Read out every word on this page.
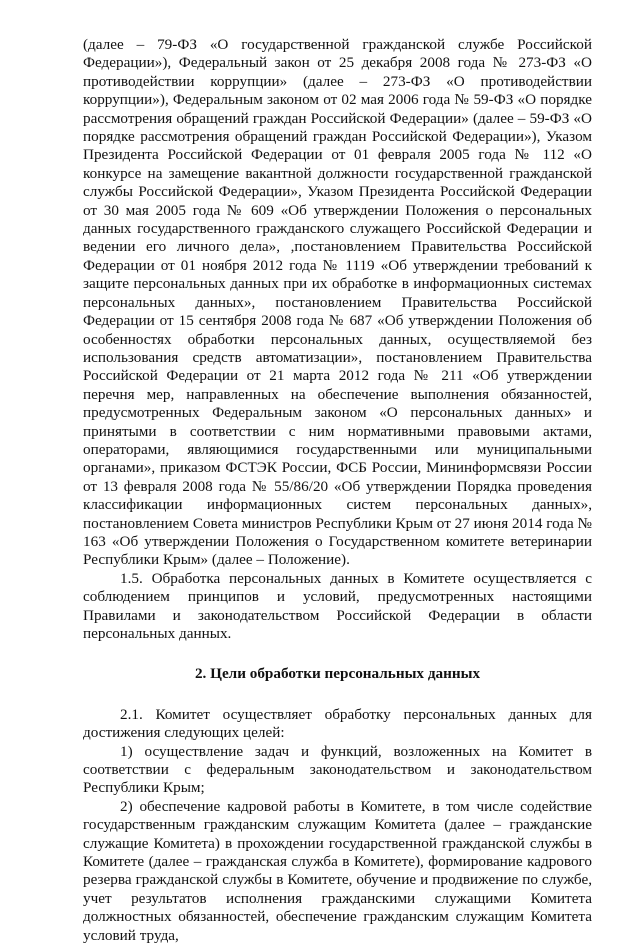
(далее – 79-ФЗ «О государственной гражданской службе Российской Федерации»), Федеральный закон от 25 декабря 2008 года № 273-ФЗ «О противодействии коррупции» (далее – 273-ФЗ «О противодействии коррупции»), Федеральным законом от 02 мая 2006 года № 59-ФЗ «О порядке рассмотрения обращений граждан Российской Федерации» (далее – 59-ФЗ «О порядке рассмотрения обращений граждан Российской Федерации»), Указом Президента Российской Федерации от 01 февраля 2005 года № 112 «О конкурсе на замещение вакантной должности государственной гражданской службы Российской Федерации», Указом Президента Российской Федерации от 30 мая 2005 года № 609 «Об утверждении Положения о персональных данных государственного гражданского служащего Российской Федерации и ведении его личного дела», ,постановлением Правительства Российской Федерации от 01 ноября 2012 года № 1119 «Об утверждении требований к защите персональных данных при их обработке в информационных системах персональных данных», постановлением Правительства Российской Федерации от 15 сентября 2008 года № 687 «Об утверждении Положения об особенностях обработки персональных данных, осуществляемой без использования средств автоматизации», постановлением Правительства Российской Федерации от 21 марта 2012 года № 211 «Об утверждении перечня мер, направленных на обеспечение выполнения обязанностей, предусмотренных Федеральным законом «О персональных данных» и принятыми в соответствии с ним нормативными правовыми актами, операторами, являющимися государственными или муниципальными органами», приказом ФСТЭК России, ФСБ России, Мининформсвязи России от 13 февраля 2008 года № 55/86/20 «Об утверждении Порядка проведения классификации информационных систем персональных данных», постановлением Совета министров Республики Крым от 27 июня 2014 года № 163 «Об утверждении Положения о Государственном комитете ветеринарии Республики Крым» (далее – Положение).

1.5. Обработка персональных данных в Комитете осуществляется с соблюдением принципов и условий, предусмотренных настоящими Правилами и законодательством Российской Федерации в области персональных данных.

2. Цели обработки персональных данных

2.1. Комитет осуществляет обработку персональных данных для достижения следующих целей:

1) осуществление задач и функций, возложенных на Комитет в соответствии с федеральным законодательством и законодательством Республики Крым;

2) обеспечение кадровой работы в Комитете, в том числе содействие государственным гражданским служащим Комитета (далее – гражданские служащие Комитета) в прохождении государственной гражданской службы в Комитете (далее – гражданская служба в Комитете), формирование кадрового резерва гражданской службы в Комитете, обучение и продвижение по службе, учет результатов исполнения гражданскими служащими Комитета должностных обязанностей, обеспечение гражданским служащим Комитета условий труда,
